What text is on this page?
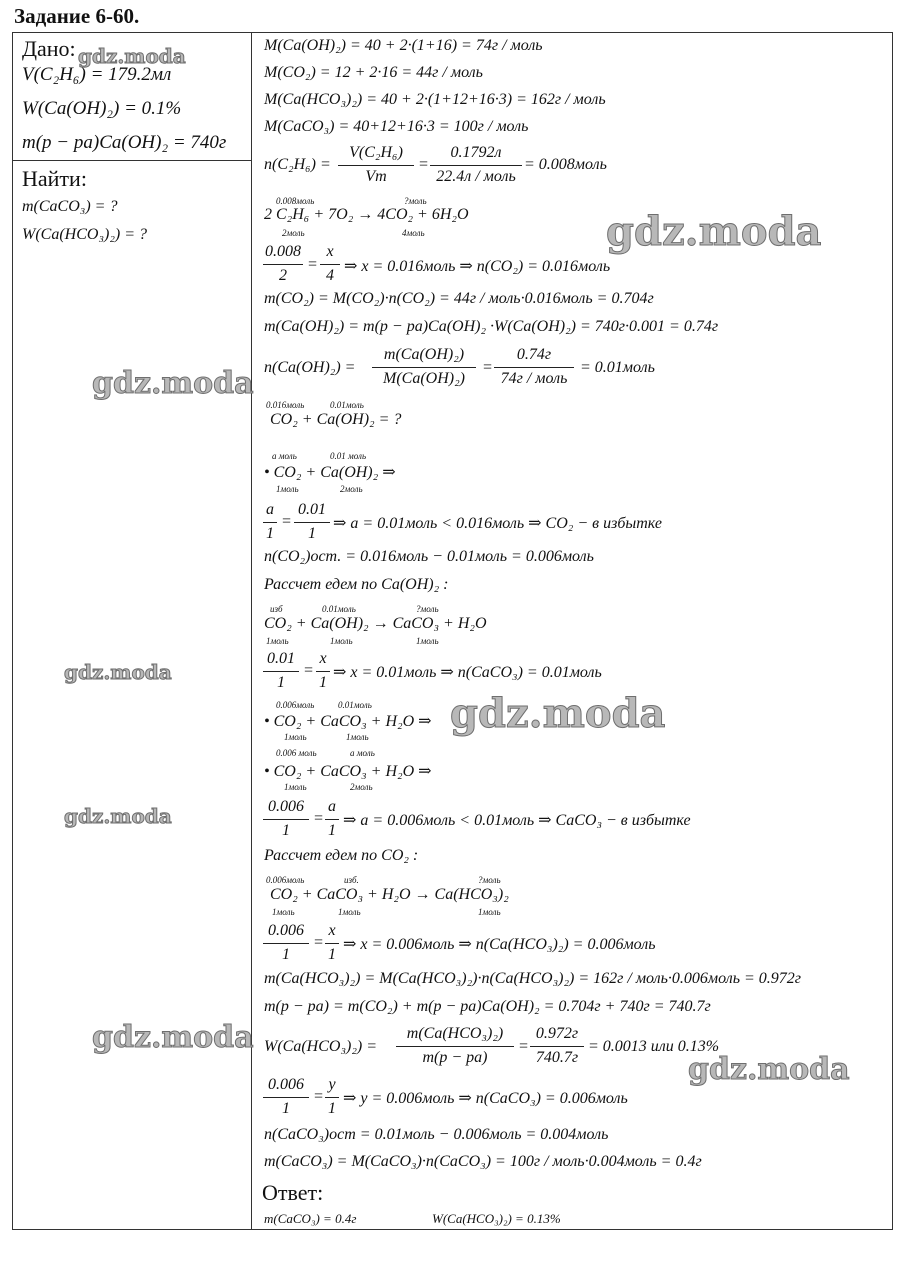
Задание 6-60.
Дано:
V(C₂H₆) = 179.2мл
W(Ca(OH)₂) = 0.1%
m(p − pa)Ca(OH)₂ = 740г
Найти:
m(CaCO₃) = ?
W(Ca(HCO₃)₂) = ?
M(Ca(OH)₂) = 40 + 2·(1+16) = 74г / моль
M(CO₂) = 12 + 2·16 = 44г / моль
M(Ca(HCO₃)₂) = 40 + 2·(1+12+16·3) = 162г / моль
M(CaCO₃) = 40+12+16·3 = 100г / моль
n(C₂H₆) =
V(C₂H₆)
Vm
=
0.1792л
22.4л / моль
= 0.008моль
0.008моль	?моль
2 C₂H₆ + 7O₂ → 4CO₂ + 6H₂O
2моль	4моль
0.008
2
=
x
4
⇒ x = 0.016моль ⇒ n(CO₂) = 0.016моль
m(CO₂) = M(CO₂)·n(CO₂) = 44г / моль·0.016моль = 0.704г
m(Ca(OH)₂) = m(p − pa)Ca(OH)₂ ·W(Ca(OH)₂) = 740г·0.001 = 0.74г
n(Ca(OH)₂) =
m(Ca(OH)₂)
M(Ca(OH)₂)
=
0.74г
74г / моль
= 0.01моль
0.016моль	0.01моль
CO₂ + Ca(OH)₂ = ?
a моль	0.01 моль
• CO₂ + Ca(OH)₂ ⇒
1моль	2моль
a
1
=
0.01
1
⇒ a = 0.01моль < 0.016моль ⇒ CO₂ − в избытке
n(CO₂)ост. = 0.016моль − 0.01моль = 0.006моль
Рассчет едем по Ca(OH)₂ :
изб	0.01моль	?моль
CO₂ + Ca(OH)₂ → CaCO₃ + H₂O
1моль	1моль	1моль
0.01
1
=
x
1
⇒ x = 0.01моль ⇒ n(CaCO₃) = 0.01моль
0.006моль	0.01моль
• CO₂ + CaCO₃ + H₂O ⇒
1моль	1моль
0.006 моль	a моль
• CO₂ + CaCO₃ + H₂O ⇒
1моль	2моль
0.006
1
=
a
1
⇒ a = 0.006моль < 0.01моль ⇒ CaCO₃ − в избытке
Рассчет едем по CO₂ :
0.006моль	изб.	?моль
CO₂ + CaCO₃ + H₂O → Ca(HCO₃)₂
1моль	1моль	1моль
0.006
1
=
x
1
⇒ x = 0.006моль ⇒ n(Ca(HCO₃)₂) = 0.006моль
m(Ca(HCO₃)₂) = M(Ca(HCO₃)₂)·n(Ca(HCO₃)₂) = 162г / моль·0.006моль = 0.972г
m(p − pa) = m(CO₂) + m(p − pa)Ca(OH)₂ = 0.704г + 740г = 740.7г
W(Ca(HCO₃)₂) =
m(Ca(HCO₃)₂)
m(p − pa)
=
0.972г
740.7г
= 0.0013 или 0.13%
0.006
1
=
y
1
⇒ y = 0.006моль ⇒ n(CaCO₃) = 0.006моль
n(CaCO₃)ост = 0.01моль − 0.006моль = 0.004моль
m(CaCO₃) = M(CaCO₃)·n(CaCO₃) = 100г / моль·0.004моль = 0.4г
Ответ:
m(CaCO₃) = 0.4г	W(Ca(HCO₃)₂) = 0.13%
gdz.moda
gdz.moda
gdz.moda
gdz.moda
gdz.moda
gdz.moda
gdz.moda
gdz.moda
